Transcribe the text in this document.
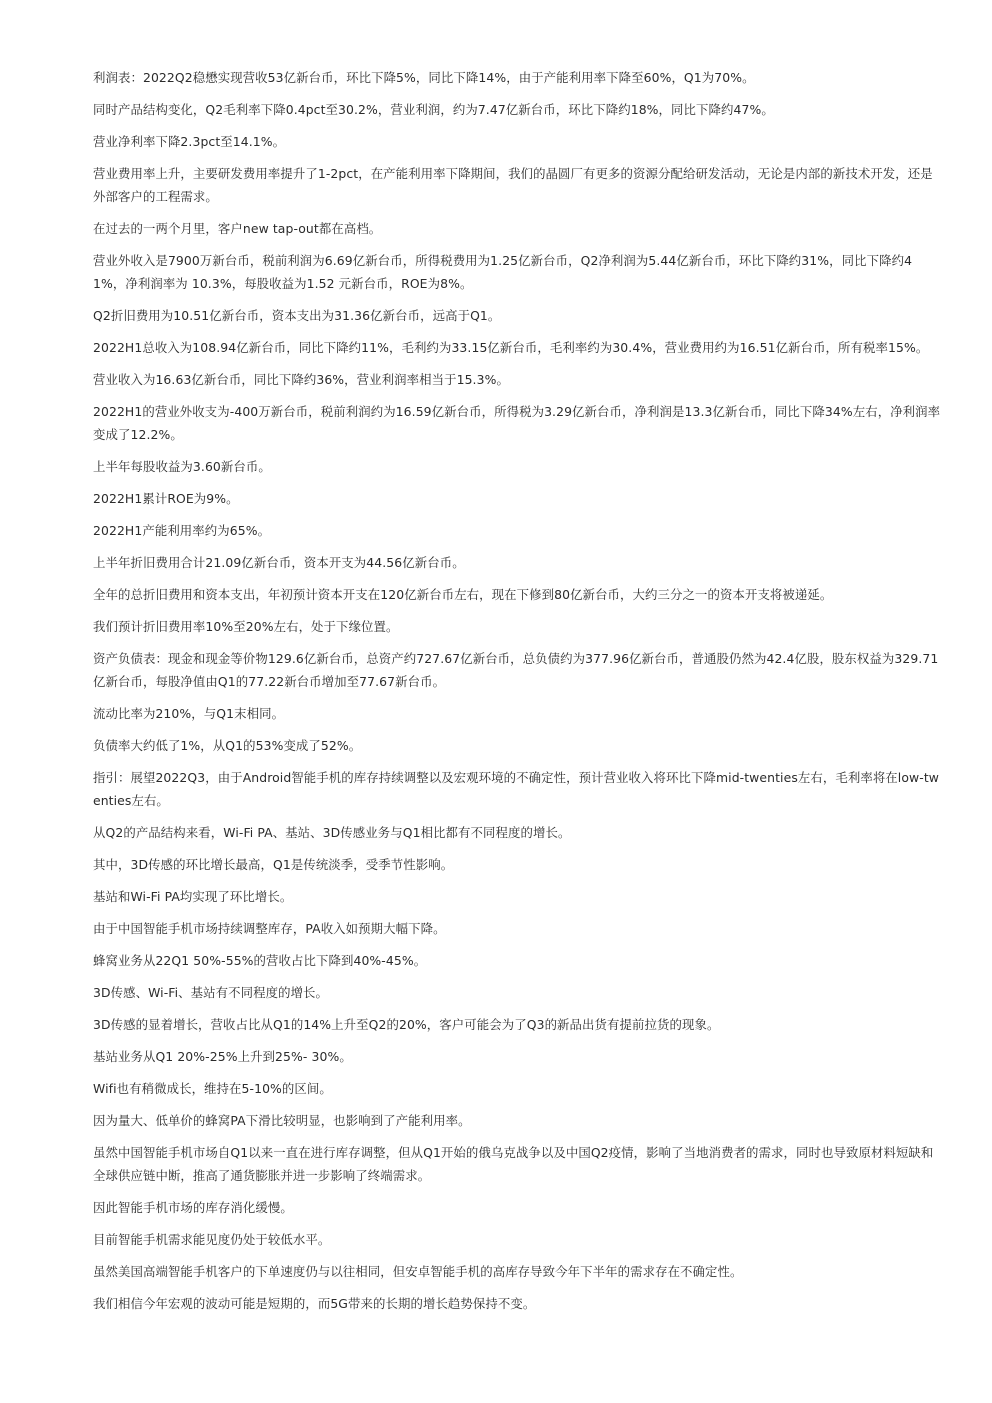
利润表：2022Q2稳懋实现营收53亿新台币，环比下降5%，同比下降14%，由于产能利用率下降至60%，Q1为70%。

同时产品结构变化，Q2毛利率下降0.4pct至30.2%，营业利润，约为7.47亿新台币，环比下降约18%，同比下降约47%。

营业净利率下降2.3pct至14.1%。

营业费用率上升，主要研发费用率提升了1-2pct，在产能利用率下降期间，我们的晶圆厂有更多的资源分配给研发活动，无论是内部的新技术开发，还是外部客户的工程需求。

在过去的一两个月里，客户new tap-out都在高档。

营业外收入是7900万新台币，税前利润为6.69亿新台币，所得税费用为1.25亿新台币，Q2净利润为5.44亿新台币，环比下降约31%，同比下降约41%，净利润率为 10.3%，每股收益为1.52 元新台币，ROE为8%。

Q2折旧费用为10.51亿新台币，资本支出为31.36亿新台币，远高于Q1。

2022H1总收入为108.94亿新台币，同比下降约11%，毛利约为33.15亿新台币，毛利率约为30.4%，营业费用约为16.51亿新台币，所有税率15%。

营业收入为16.63亿新台币，同比下降约36%，营业利润率相当于15.3%。

2022H1的营业外收支为-400万新台币，税前利润约为16.59亿新台币，所得税为3.29亿新台币，净利润是13.3亿新台币，同比下降34%左右，净利润率变成了12.2%。

上半年每股收益为3.60新台币。

2022H1累计ROE为9%。

2022H1产能利用率约为65%。

上半年折旧费用合计21.09亿新台币，资本开支为44.56亿新台币。

全年的总折旧费用和资本支出，年初预计资本开支在120亿新台币左右，现在下修到80亿新台币，大约三分之一的资本开支将被递延。

我们预计折旧费用率10%至20%左右，处于下缘位置。

资产负债表：现金和现金等价物129.6亿新台币，总资产约727.67亿新台币，总负债约为377.96亿新台币，普通股仍然为42.4亿股，股东权益为329.71亿新台币，每股净值由Q1的77.22新台币增加至77.67新台币。

流动比率为210%，与Q1末相同。

负债率大约低了1%，从Q1的53%变成了52%。

指引：展望2022Q3，由于Android智能手机的库存持续调整以及宏观环境的不确定性，预计营业收入将环比下降mid-twenties左右，毛利率将在low-twenties左右。

从Q2的产品结构来看，Wi-Fi PA、基站、3D传感业务与Q1相比都有不同程度的增长。

其中，3D传感的环比增长最高，Q1是传统淡季，受季节性影响。

基站和Wi-Fi PA均实现了环比增长。

由于中国智能手机市场持续调整库存，PA收入如预期大幅下降。

蜂窝业务从22Q1 50%-55%的营收占比下降到40%-45%。

3D传感、Wi-Fi、基站有不同程度的增长。

3D传感的显着增长，营收占比从Q1的14%上升至Q2的20%，客户可能会为了Q3的新品出货有提前拉货的现象。

基站业务从Q1 20%-25%上升到25%- 30%。

Wifi也有稍微成长，维持在5-10%的区间。

因为量大、低单价的蜂窝PA下滑比较明显，也影响到了产能利用率。

虽然中国智能手机市场自Q1以来一直在进行库存调整，但从Q1开始的俄乌克战争以及中国Q2疫情，影响了当地消费者的需求，同时也导致原材料短缺和全球供应链中断，推高了通货膨胀并进一步影响了终端需求。

因此智能手机市场的库存消化缓慢。

目前智能手机需求能见度仍处于较低水平。

虽然美国高端智能手机客户的下单速度仍与以往相同，但安卓智能手机的高库存导致今年下半年的需求存在不确定性。

我们相信今年宏观的波动可能是短期的，而5G带来的长期的增长趋势保持不变。
